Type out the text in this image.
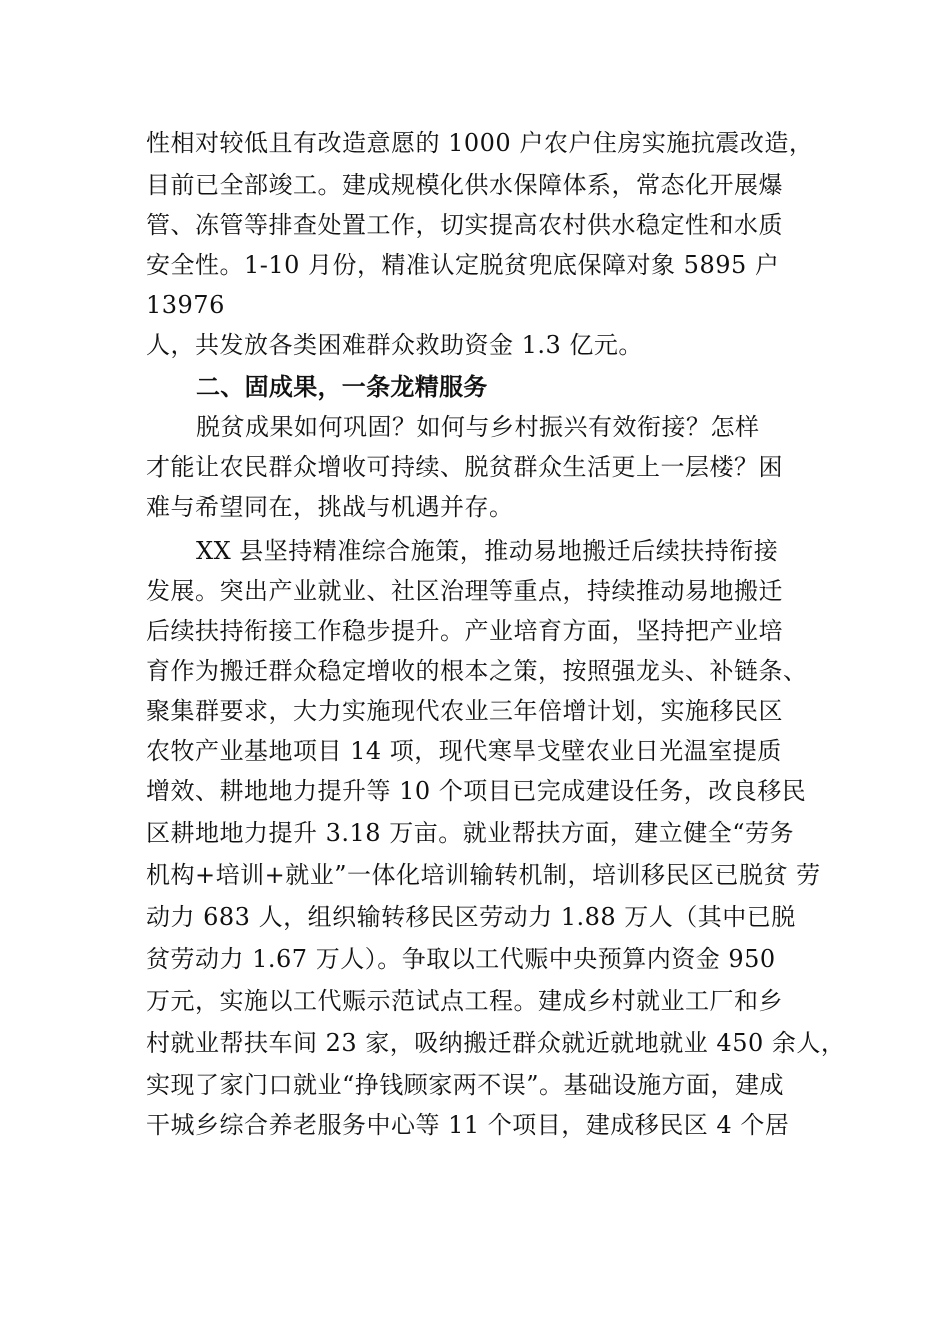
性相对较低且有改造意愿的 1000 户农户住房实施抗震改造，
目前已全部竣工。建成规模化供水保障体系，常态化开展爆
管、冻管等排查处置工作，切实提高农村供水稳定性和水质
安全性。1-10 月份，精准认定脱贫兜底保障对象 5895 户
13976
人，共发放各类困难群众救助资金 1.3 亿元。
二、固成果，一条龙精服务
脱贫成果如何巩固？如何与乡村振兴有效衔接？怎样
才能让农民群众增收可持续、脱贫群众生活更上一层楼？困
难与希望同在，挑战与机遇并存。
XX 县坚持精准综合施策，推动易地搬迁后续扶持衔接
发展。突出产业就业、社区治理等重点，持续推动易地搬迁
后续扶持衔接工作稳步提升。产业培育方面，坚持把产业培
育作为搬迁群众稳定增收的根本之策，按照强龙头、补链条、
聚集群要求，大力实施现代农业三年倍增计划，实施移民区
农牧产业基地项目 14 项，现代寒旱戈壁农业日光温室提质
增效、耕地地力提升等 10 个项目已完成建设任务，改良移民
区耕地地力提升 3.18 万亩。就业帮扶方面，建立健全“劳务
机构+培训+就业”一体化培训输转机制，培训移民区已脱贫 劳
动力 683 人，组织输转移民区劳动力 1.88 万人（其中已脱
贫劳动力 1.67 万人）。争取以工代赈中央预算内资金 950
万元，实施以工代赈示范试点工程。建成乡村就业工厂和乡
村就业帮扶车间 23 家，吸纳搬迁群众就近就地就业 450 余人，
实现了家门口就业“挣钱顾家两不误”。基础设施方面，建成
干城乡综合养老服务中心等 11 个项目，建成移民区 4 个居
